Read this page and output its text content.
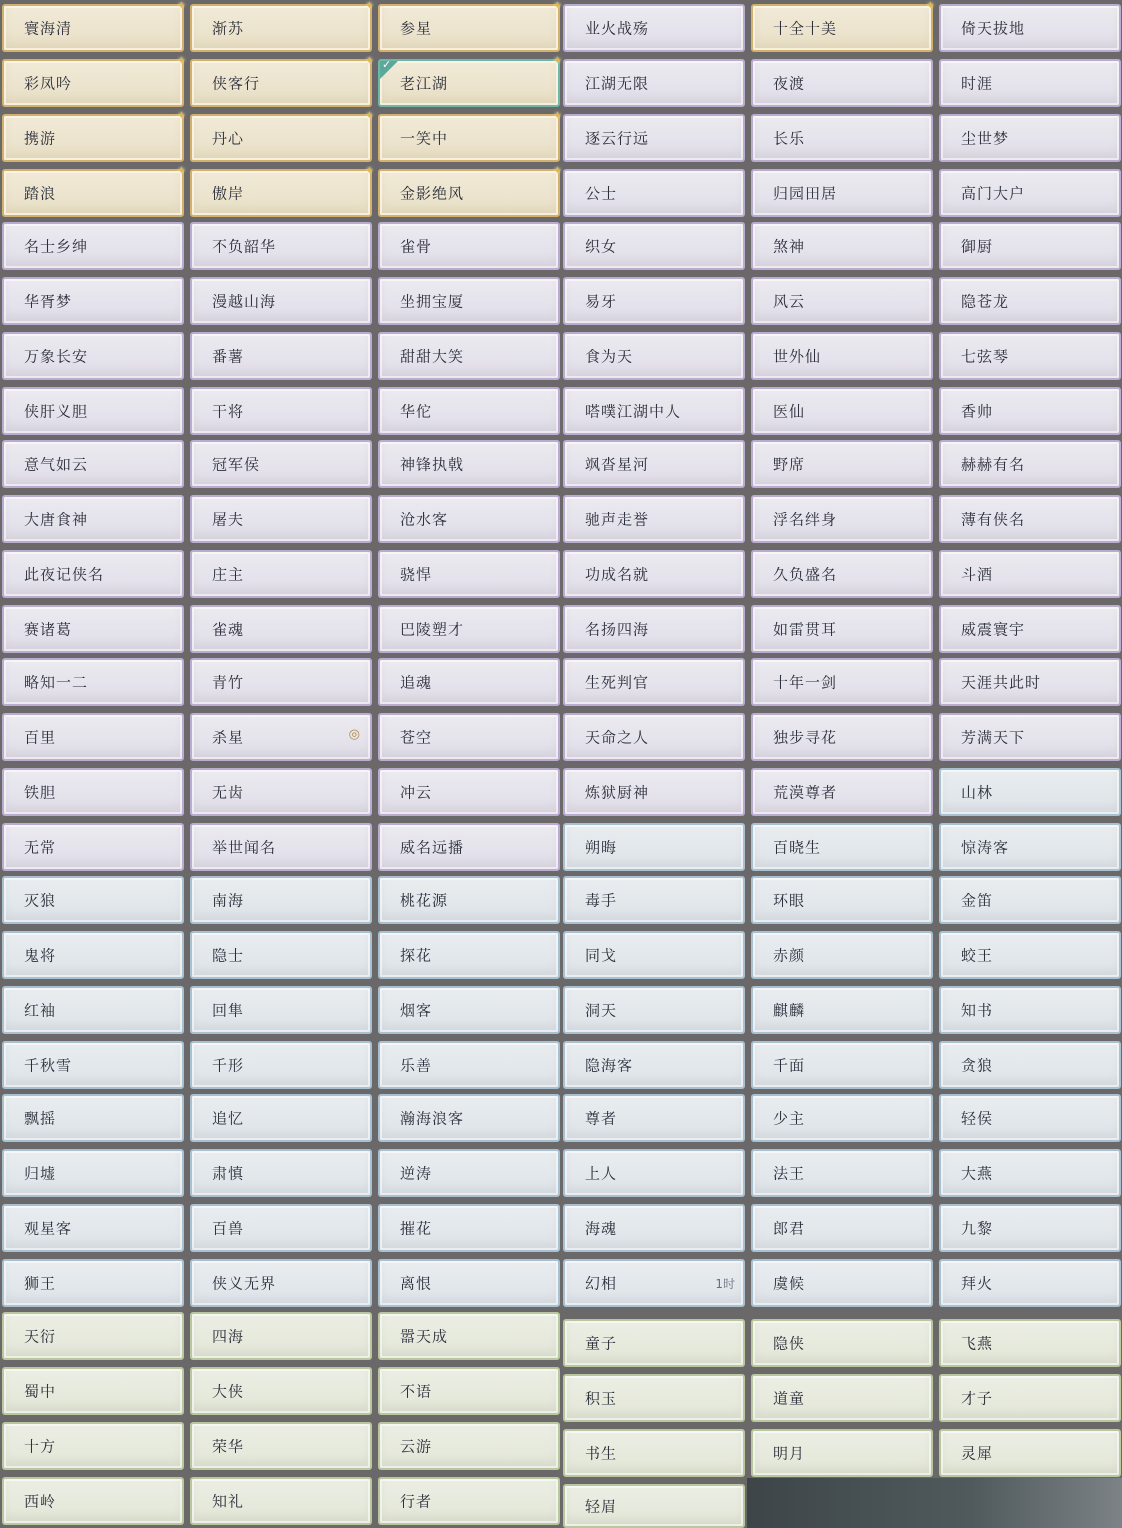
寰海清
✦
彩凤吟
✦
携游
✦
踏浪
✦
名士乡绅
华胥梦
万象长安
侠肝义胆
意气如云
大唐食神
此夜记侠名
赛诸葛
略知一二
百里
铁胆
无常
灭狼
鬼将
红袖
千秋雪
飘摇
归墟
观星客
狮王
天衍
蜀中
十方
西岭
渐苏
✦
侠客行
✦
丹心
✦
傲岸
✦
不负韶华
漫越山海
番薯
干将
冠军侯
屠夫
庄主
雀魂
青竹
杀星	◎
无齿
举世闻名
南海
隐士
回隼
千形
追忆
肃慎
百兽
侠义无界
四海
大侠
荣华
知礼
参星
✦
老江湖
✦
✓
一笑中
✦
金影绝风
✦
雀骨
坐拥宝厦
甜甜大笑
华佗
神锋执戟
沧水客
骁悍
巴陵塑才
追魂
苍空
冲云
威名远播
桃花源
探花
烟客
乐善
瀚海浪客
逆涛
摧花
离恨
嚣天成
不语
云游
行者
业火战殇
江湖无限
逐云行远
公士
织女
易牙
食为天
嗒噗江湖中人
飒沓星河
驰声走誉
功成名就
名扬四海
生死判官
天命之人
炼狱厨神
朔晦
毒手
同戈
洞天
隐海客
尊者
上人
海魂
幻相	1时
童子
积玉
书生
轻眉
十全十美
✦
夜渡
长乐
归园田居
煞神
风云
世外仙
医仙
野席
浮名绊身
久负盛名
如雷贯耳
十年一剑
独步寻花
荒漠尊者
百晓生
环眼
赤颜
麒麟
千面
少主
法王
郎君
虞候
隐侠
道童
明月
倚天拔地
时涯
尘世梦
高门大户
御厨
隐苍龙
七弦琴
香帅
赫赫有名
薄有侠名
斗酒
威震寰宇
天涯共此时
芳满天下
山林
惊涛客
金笛
蛟王
知书
贪狼
轻侯
大燕
九黎
拜火
飞燕
才子
灵犀
